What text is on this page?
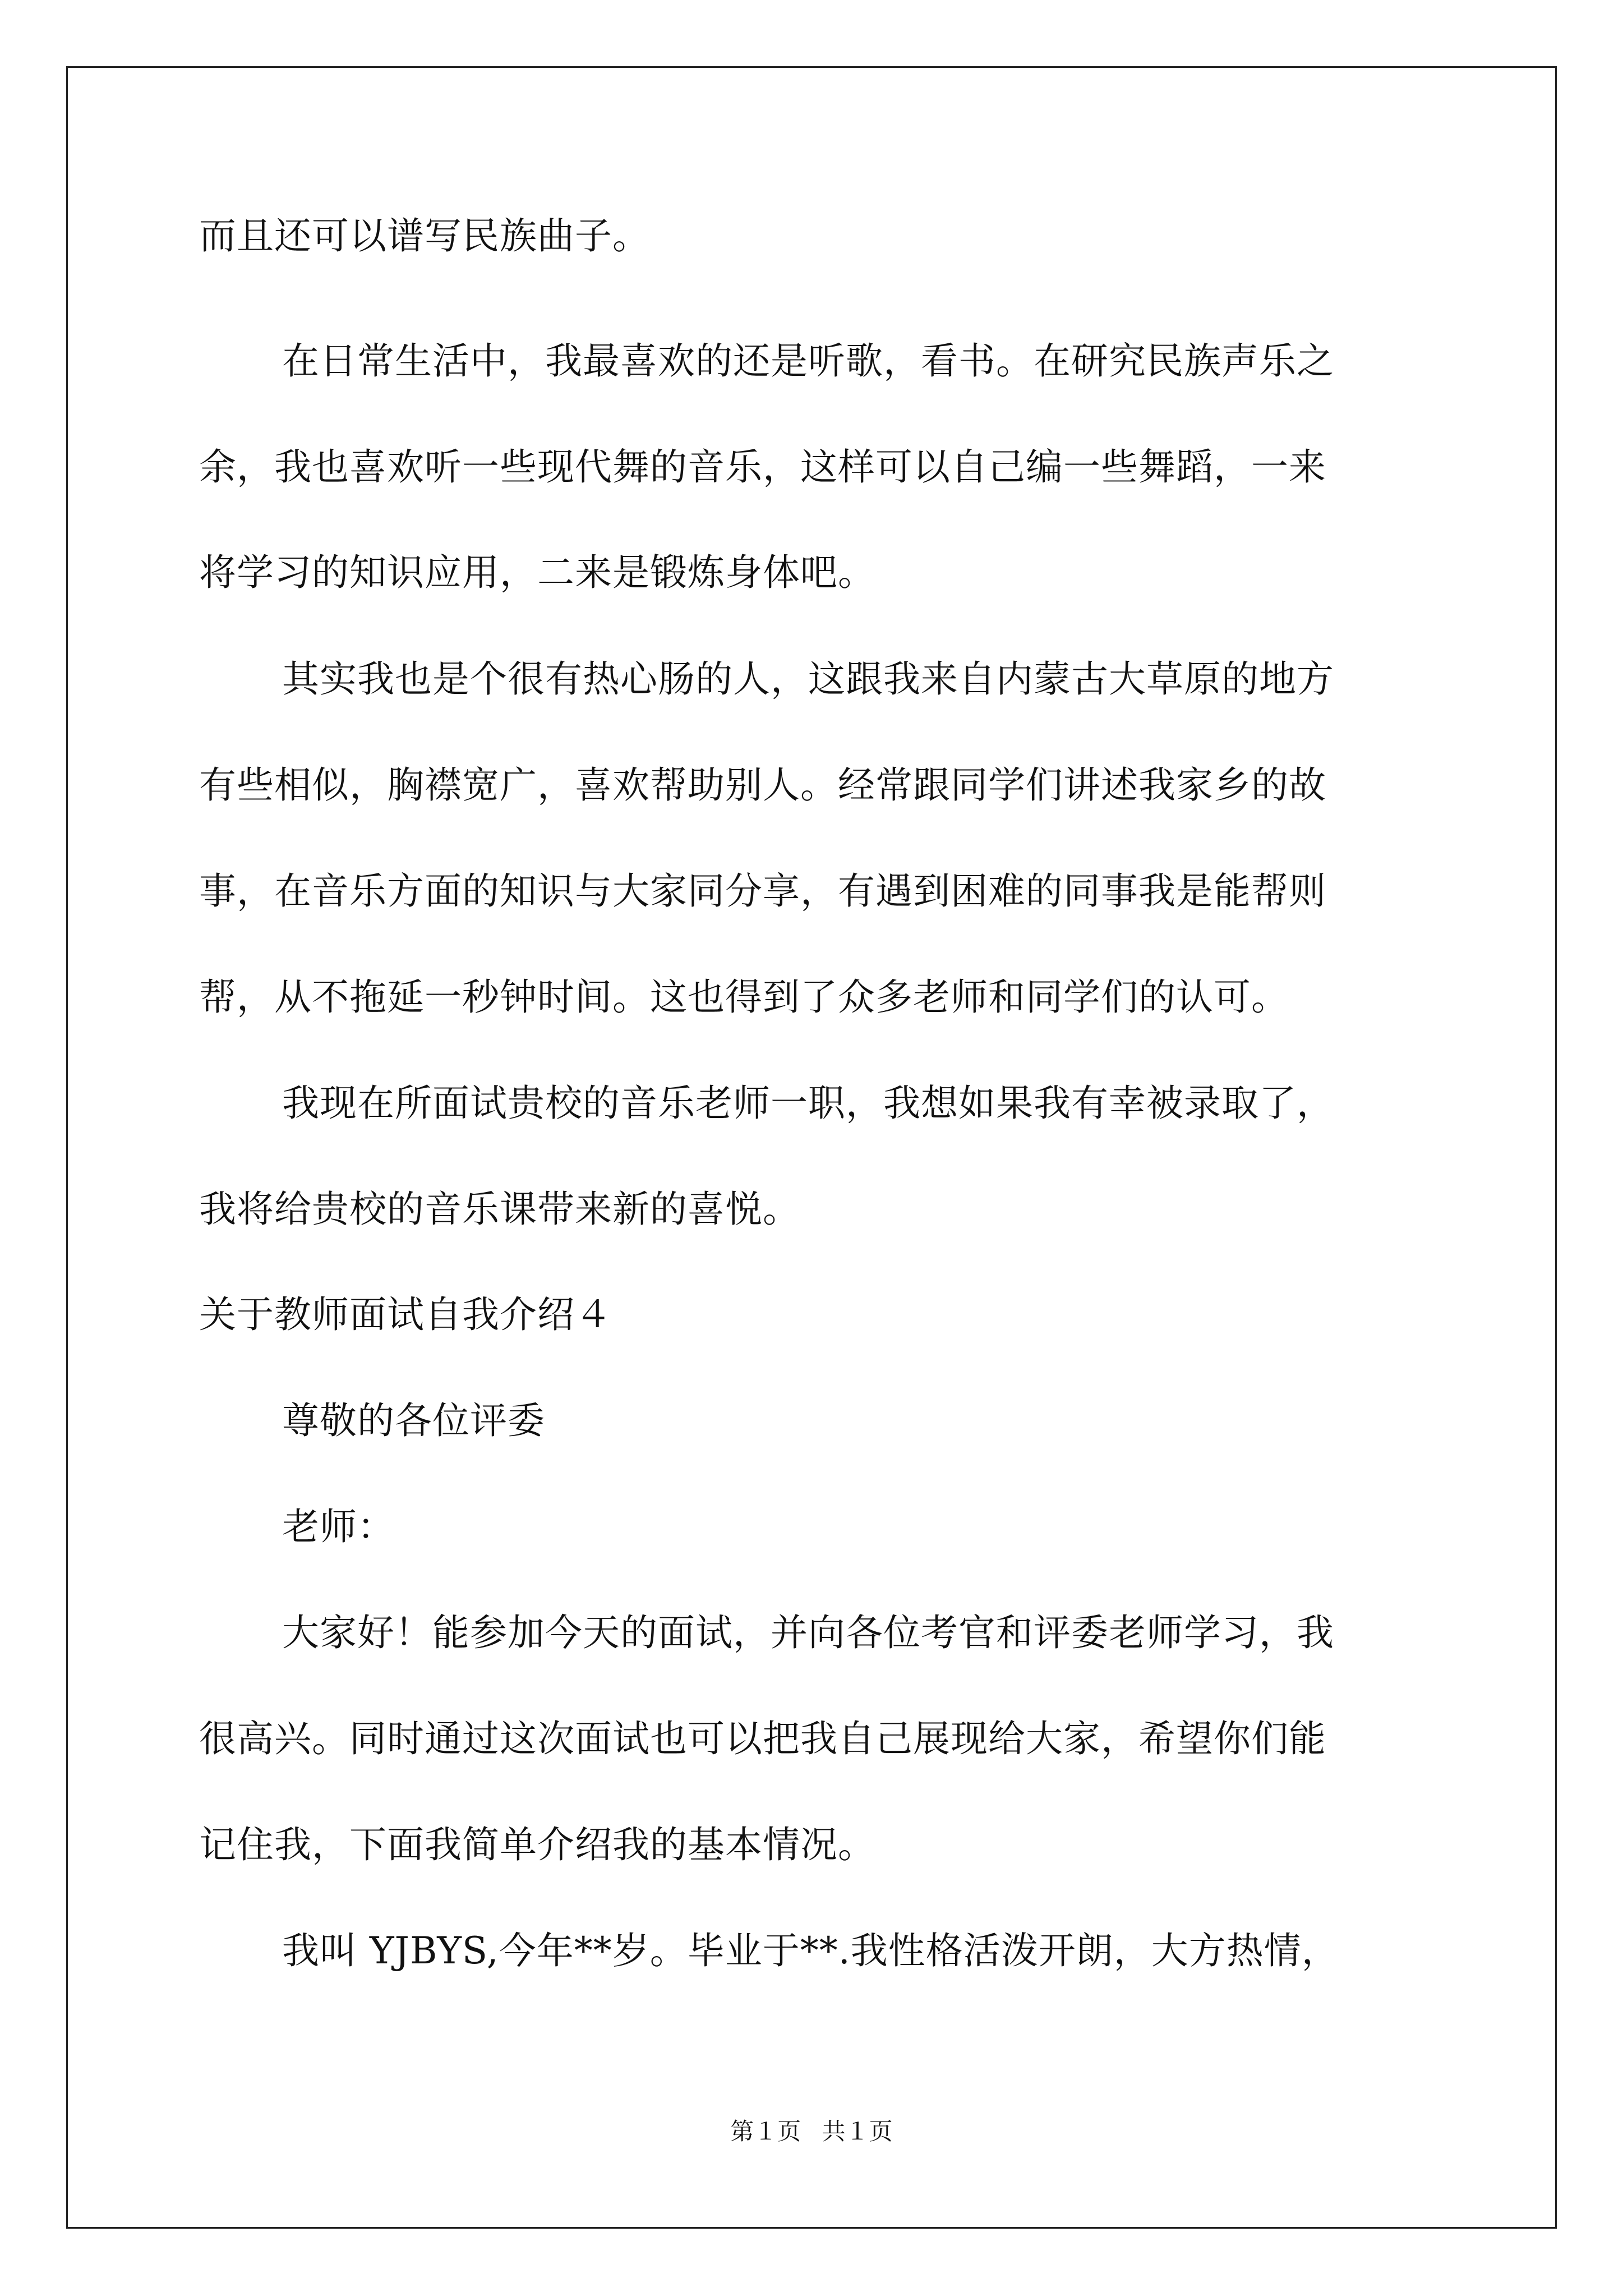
而且还可以谱写民族曲子。
在日常生活中，我最喜欢的还是听歌，看书。在研究民族声乐之
余，我也喜欢听一些现代舞的音乐，这样可以自己编一些舞蹈，一来
将学习的知识应用，二来是锻炼身体吧。
其实我也是个很有热心肠的人，这跟我来自内蒙古大草原的地方
有些相似，胸襟宽广，喜欢帮助别人。经常跟同学们讲述我家乡的故
事，在音乐方面的知识与大家同分享，有遇到困难的同事我是能帮则
帮，从不拖延一秒钟时间。这也得到了众多老师和同学们的认可。
我现在所面试贵校的音乐老师一职，我想如果我有幸被录取了，
我将给贵校的音乐课带来新的喜悦。
关于教师面试自我介绍４
尊敬的各位评委
老师：
大家好！能参加今天的面试，并向各位考官和评委老师学习，我
很高兴。同时通过这次面试也可以把我自己展现给大家，希望你们能
记住我，下面我简单介绍我的基本情况。
我叫 YJBYS,今年**岁。毕业于**.我性格活泼开朗，大方热情，
第１页 共１页
